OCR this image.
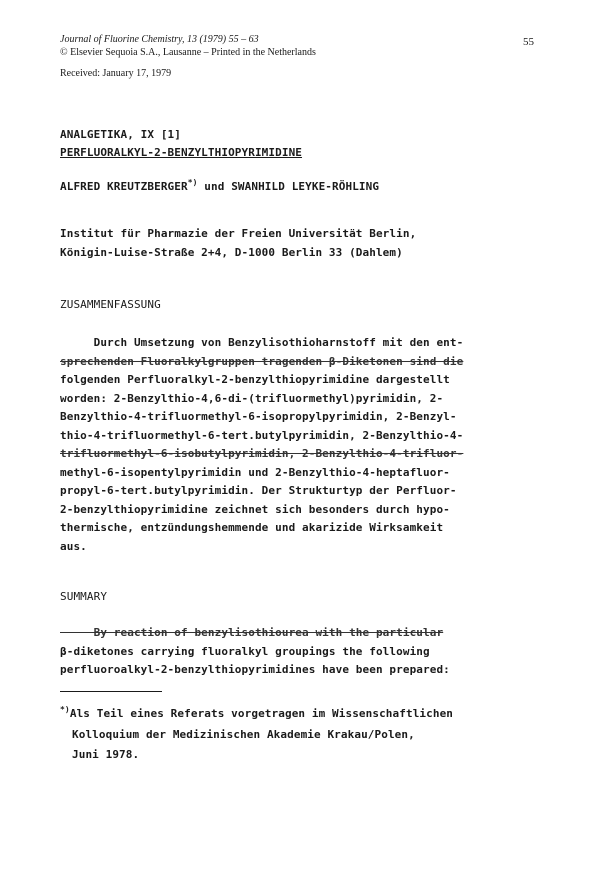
Journal of Fluorine Chemistry, 13 (1979) 55 – 63
© Elsevier Sequoia S.A., Lausanne – Printed in the Netherlands
Received: January 17, 1979
55
ANALGETIKA, IX [1]
PERFLUORALKYL-2-BENZYLTHIOPYRIMIDINE
ALFRED KREUTZBERGER*) und SWANHILD LEYKE-RÖHLING
Institut für Pharmazie der Freien Universität Berlin,
Königin-Luise-Straße 2+4, D-1000 Berlin 33 (Dahlem)
ZUSAMMENFASSUNG
Durch Umsetzung von Benzylisothioharnstoff mit den ent-
sprechenden Fluoralkylgruppen tragenden β-Diketonen sind die
folgenden Perfluoralkyl-2-benzylthiopyrimidine dargestellt
worden: 2-Benzylthio-4,6-di-(trifluormethyl)pyrimidin, 2-
Benzylthio-4-trifluormethyl-6-isopropylpyrimidin, 2-Benzyl-
thio-4-trifluormethyl-6-tert.butylpyrimidin, 2-Benzylthio-4-
trifluormethyl-6-isobutylpyrimidin, 2-Benzylthio-4-trifluor-
methyl-6-isopentylpyrimidin und 2-Benzylthio-4-heptafluor-
propyl-6-tert.butylpyrimidin. Der Strukturtyp der Perfluor-
2-benzylthiopyrimidine zeichnet sich besonders durch hypo-
thermische, entzündungshemmende und akarizide Wirksamkeit
aus.
SUMMARY
By reaction of benzylisothiourea with the particular
β-diketones carrying fluoralkyl groupings the following
perfluoroalkyl-2-benzylthiopyrimidines have been prepared:
*)Als Teil eines Referats vorgetragen im Wissenschaftlichen
Kolloquium der Medizinischen Akademie Krakau/Polen,
Juni 1978.
